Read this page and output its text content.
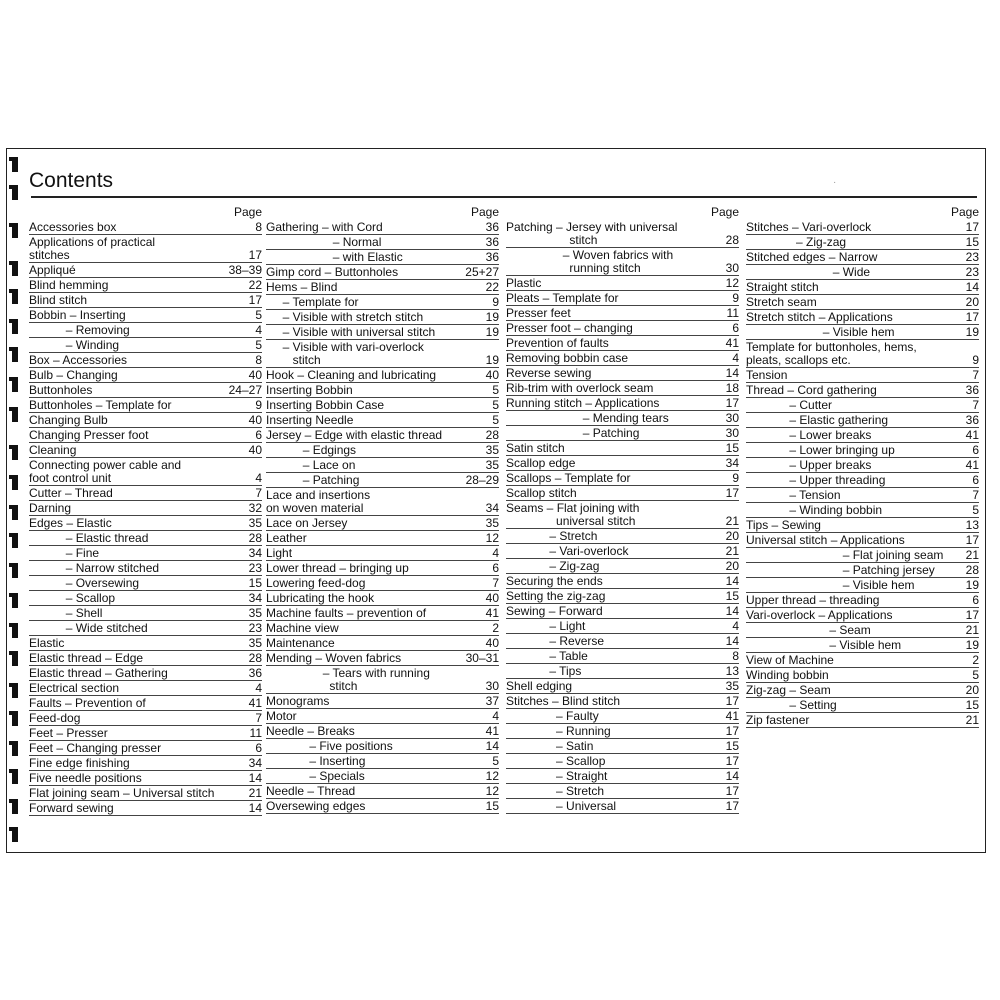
Contents	·
Page
Accessories box	8
Applications of practical
stitches	17
Appliqué	38–39
Blind hemming	22
Blind stitch	17
Bobbin – Inserting	5
– Removing	4
– Winding	5
Box – Accessories	8
Bulb – Changing	40
Buttonholes	24–27
Buttonholes – Template for	9
Changing Bulb	40
Changing Presser foot	6
Cleaning	40
Connecting power cable and
foot control unit	4
Cutter – Thread	7
Darning	32
Edges – Elastic	35
– Elastic thread	28
– Fine	34
– Narrow stitched	23
– Oversewing	15
– Scallop	34
– Shell	35
– Wide stitched	23
Elastic	35
Elastic thread – Edge	28
Elastic thread – Gathering	36
Electrical section	4
Faults – Prevention of	41
Feed-dog	7
Feet – Presser	11
Feet – Changing presser	6
Fine edge finishing	34
Five needle positions	14
Flat joining seam – Universal stitch	21
Forward sewing	14
Page
Gathering – with Cord	36
– Normal	36
– with Elastic	36
Gimp cord – Buttonholes	25+27
Hems – Blind	22
– Template for	9
– Visible with stretch stitch	19
– Visible with universal stitch	19
– Visible with vari-overlock
stitch	19
Hook – Cleaning and lubricating	40
Inserting Bobbin	5
Inserting Bobbin Case	5
Inserting Needle	5
Jersey – Edge with elastic thread	28
– Edgings	35
– Lace on	35
– Patching	28–29
Lace and insertions
on woven material	34
Lace on Jersey	35
Leather	12
Light	4
Lower thread – bringing up	6
Lowering feed-dog	7
Lubricating the hook	40
Machine faults – prevention of	41
Machine view	2
Maintenance	40
Mending – Woven fabrics	30–31
– Tears with running
stitch	30
Monograms	37
Motor	4
Needle – Breaks	41
– Five positions	14
– Inserting	5
– Specials	12
Needle – Thread	12
Oversewing edges	15
Page
Patching – Jersey with universal
stitch	28
– Woven fabrics with
running stitch	30
Plastic	12
Pleats – Template for	9
Presser feet	11
Presser foot – changing	6
Prevention of faults	41
Removing bobbin case	4
Reverse sewing	14
Rib-trim with overlock seam	18
Running stitch – Applications	17
– Mending tears	30
– Patching	30
Satin stitch	15
Scallop edge	34
Scallops – Template for	9
Scallop stitch	17
Seams – Flat joining with
universal stitch	21
– Stretch	20
– Vari-overlock	21
– Zig-zag	20
Securing the ends	14
Setting the zig-zag	15
Sewing – Forward	14
– Light	4
– Reverse	14
– Table	8
– Tips	13
Shell edging	35
Stitches – Blind stitch	17
– Faulty	41
– Running	17
– Satin	15
– Scallop	17
– Straight	14
– Stretch	17
– Universal	17
Page
Stitches – Vari-overlock	17
– Zig-zag	15
Stitched edges – Narrow	23
– Wide	23
Straight stitch	14
Stretch seam	20
Stretch stitch – Applications	17
– Visible hem	19
Template for buttonholes, hems,
pleats, scallops etc.	9
Tension	7
Thread – Cord gathering	36
– Cutter	7
– Elastic gathering	36
– Lower breaks	41
– Lower bringing up	6
– Upper breaks	41
– Upper threading	6
– Tension	7
– Winding bobbin	5
Tips – Sewing	13
Universal stitch – Applications	17
– Flat joining seam	21
– Patching jersey	28
– Visible hem	19
Upper thread – threading	6
Vari-overlock – Applications	17
– Seam	21
– Visible hem	19
View of Machine	2
Winding bobbin	5
Zig-zag – Seam	20
– Setting	15
Zip fastener	21
